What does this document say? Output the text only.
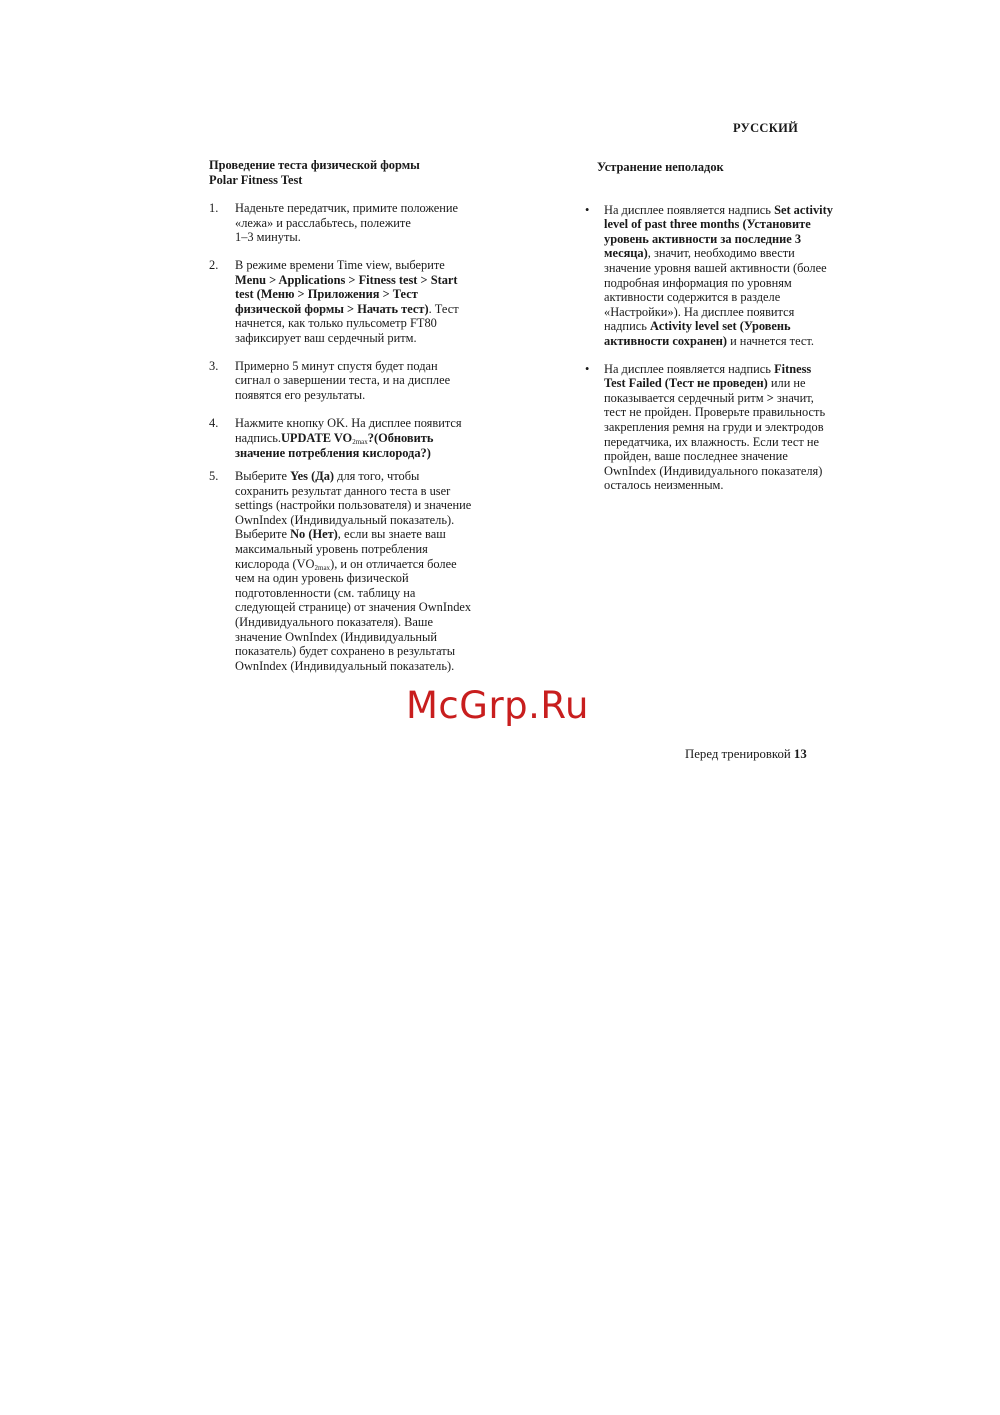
РУССКИЙ
Проведение теста физической формы
Polar Fitness Test
1. Наденьте передатчик, примите положение
«лежа» и расслабьтесь, полежите
1–3 минуты.
2. В режиме времени Time view, выберите
Menu > Applications > Fitness test > Start
test (Меню > Приложения > Тест
физической формы > Начать тест). Тест
начнется, как только пульсометр FT80
зафиксирует ваш сердечный ритм.
3. Примерно 5 минут спустя будет подан
сигнал о завершении теста, и на дисплее
появятся его результаты.
4. Нажмите кнопку OK. На дисплее появится
надпись.UPDATE $VO_{2max}?(Обновить$
значение потребления кислорода?)
5. Выберите Yes (Да) для того, чтобы
сохранить результат данного теста в user
settings (настройки пользователя) и значение
OwnIndex (Индивидуальный показатель).
Выберите No (Нет), если вы знаете ваш
максимальный уровень потребления
кислорода $(VO_{2max})$, и он отличается более
чем на один уровень физической
подготовленности (см. таблицу на
следующей странице) от значения OwnIndex
(Индивидуального показателя). Ваше
значение OwnIndex (Индивидуальный
показатель) будет сохранено в результаты
OwnIndex (Индивидуальный показатель).
Устранение неполадок
• На дисплее появляется надпись Set activity
level of past three months (Установите
уровень активности за последние 3
месяца), значит, необходимо ввести
значение уровня вашей активности (более
подробная информация по уровням
активности содержится в разделе
«Настройки»). На дисплее появится
надпись Activity level set (Уровень
активности сохранен) и начнется тест.
• На дисплее появляется надпись Fitness
Test Failed (Тест не проведен) или не
показывается сердечный ритм > значит,
тест не пройден. Проверьте правильность
закрепления ремня на груди и электродов
передатчика, их влажность. Если тест не
пройден, ваше последнее значение
OwnIndex (Индивидуального показателя)
осталось неизменным.
McGrp.Ru
Перед тренировкой 13
